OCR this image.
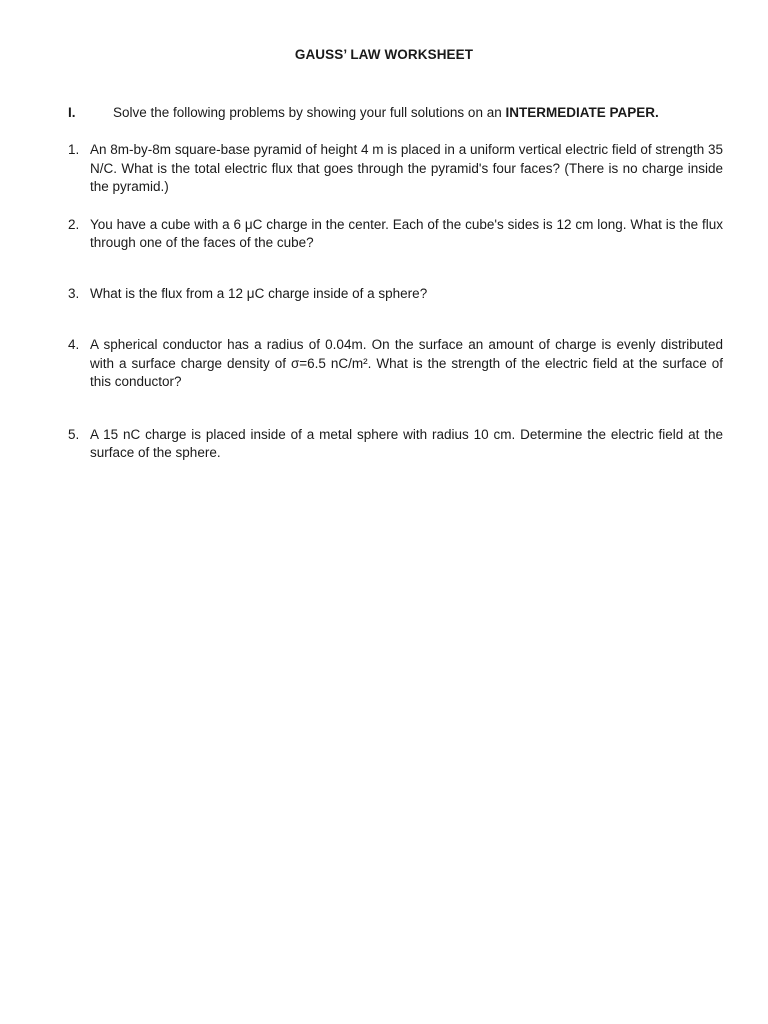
GAUSS’ LAW WORKSHEET
I.	Solve the following problems by showing your full solutions on an INTERMEDIATE PAPER.
1. An 8m-by-8m square-base pyramid of height 4 m is placed in a uniform vertical electric field of strength 35 N/C. What is the total electric flux that goes through the pyramid's four faces? (There is no charge inside the pyramid.)
2. You have a cube with a 6 μC charge in the center. Each of the cube's sides is 12 cm long. What is the flux through one of the faces of the cube?
3. What is the flux from a 12 μC charge inside of a sphere?
4. A spherical conductor has a radius of 0.04m. On the surface an amount of charge is evenly distributed with a surface charge density of σ=6.5 nC/m². What is the strength of the electric field at the surface of this conductor?
5. A 15 nC charge is placed inside of a metal sphere with radius 10 cm. Determine the electric field at the surface of the sphere.
